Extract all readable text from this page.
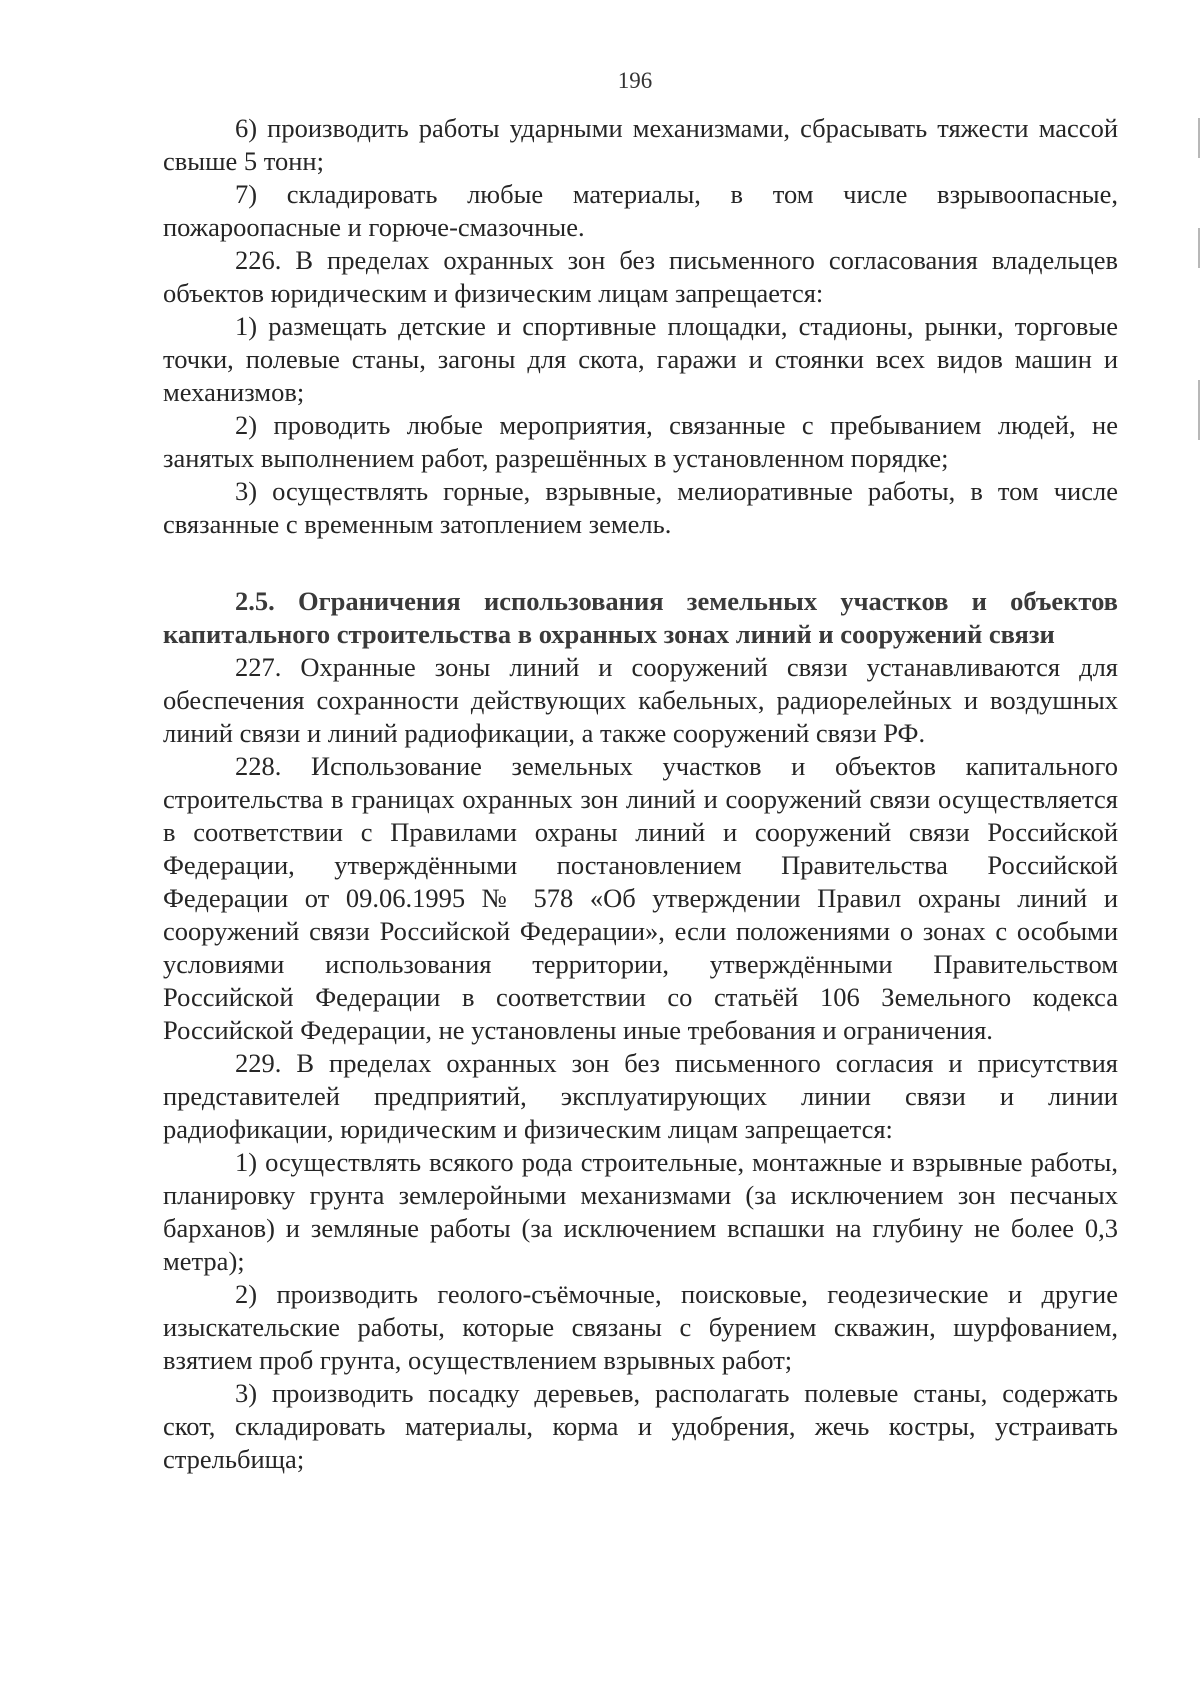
196

6) производить работы ударными механизмами, сбрасывать тяжести массой свыше 5 тонн;

7) складировать любые материалы, в том числе взрывоопасные, пожароопасные и горюче-смазочные.

226. В пределах охранных зон без письменного согласования владельцев объектов юридическим и физическим лицам запрещается:

1) размещать детские и спортивные площадки, стадионы, рынки, торговые точки, полевые станы, загоны для скота, гаражи и стоянки всех видов машин и механизмов;

2) проводить любые мероприятия, связанные с пребыванием людей, не занятых выполнением работ, разрешённых в установленном порядке;

3) осуществлять горные, взрывные, мелиоративные работы, в том числе связанные с временным затоплением земель.

2.5. Ограничения использования земельных участков и объектов капитального строительства в охранных зонах линий и сооружений связи

227. Охранные зоны линий и сооружений связи устанавливаются для обеспечения сохранности действующих кабельных, радиорелейных и воздушных линий связи и линий радиофикации, а также сооружений связи РФ.

228. Использование земельных участков и объектов капитального строительства в границах охранных зон линий и сооружений связи осуществляется в соответствии с Правилами охраны линий и сооружений связи Российской Федерации, утверждёнными постановлением Правительства Российской Федерации от 09.06.1995 № 578 «Об утверждении Правил охраны линий и сооружений связи Российской Федерации», если положениями о зонах с особыми условиями использования территории, утверждёнными Правительством Российской Федерации в соответствии со статьёй 106 Земельного кодекса Российской Федерации, не установлены иные требования и ограничения.

229. В пределах охранных зон без письменного согласия и присутствия представителей предприятий, эксплуатирующих линии связи и линии радиофикации, юридическим и физическим лицам запрещается:

1) осуществлять всякого рода строительные, монтажные и взрывные работы, планировку грунта землеройными механизмами (за исключением зон песчаных барханов) и земляные работы (за исключением вспашки на глубину не более 0,3 метра);

2) производить геолого-съёмочные, поисковые, геодезические и другие изыскательские работы, которые связаны с бурением скважин, шурфованием, взятием проб грунта, осуществлением взрывных работ;

3) производить посадку деревьев, располагать полевые станы, содержать скот, складировать материалы, корма и удобрения, жечь костры, устраивать стрельбища;
